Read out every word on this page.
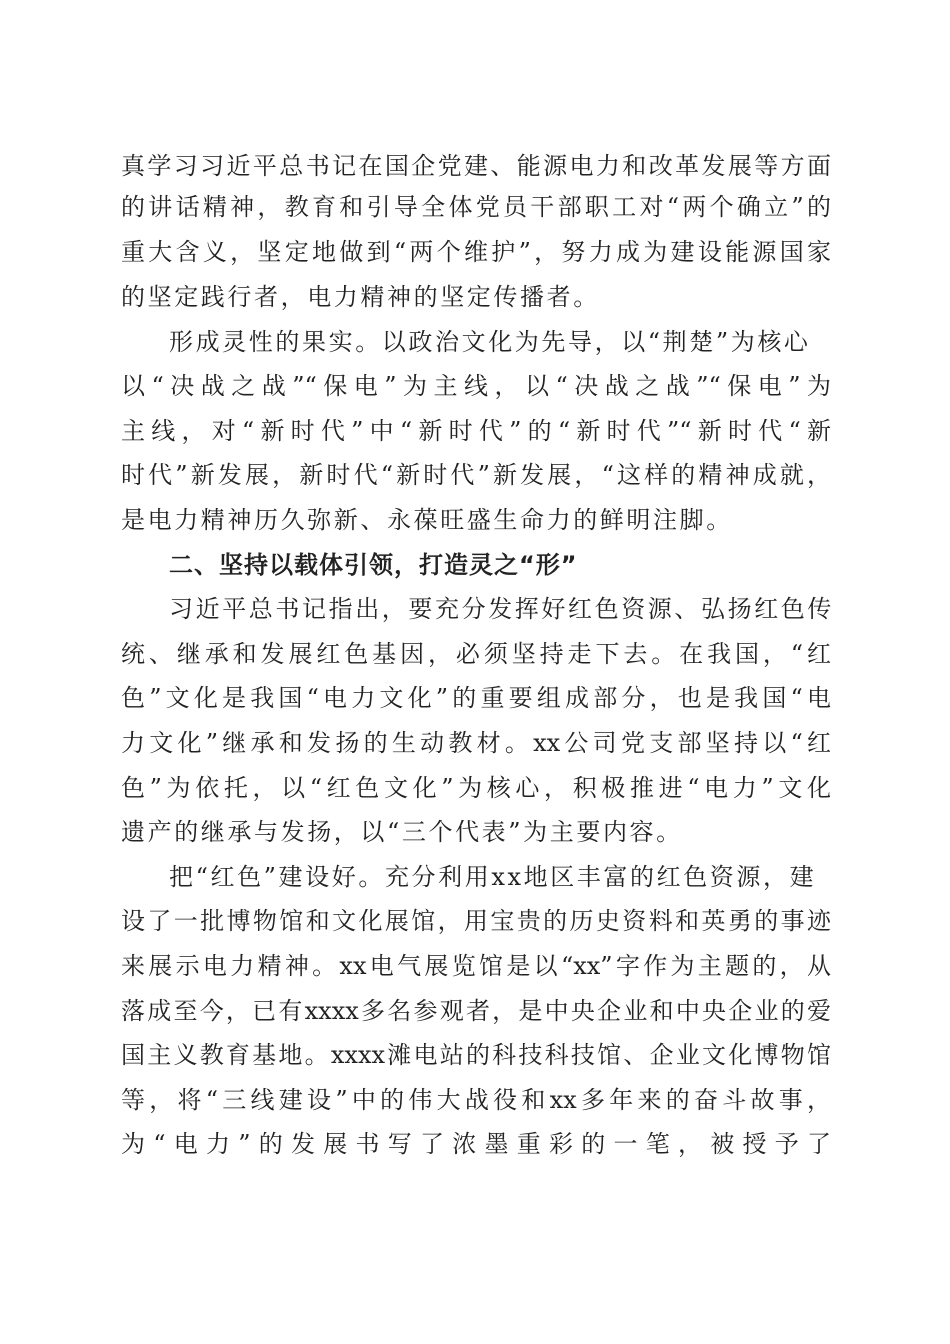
真学习习近平总书记在国企党建、能源电力和改革发展等方面
的讲话精神，教育和引导全体党员干部职工对“两个确立”的
重大含义，坚定地做到“两个维护”，努力成为建设能源国家
的坚定践行者，电力精神的坚定传播者。
形成灵性的果实。以政治文化为先导，以“荆楚”为核心
以“决战之战”“保电”为主线，以“决战之战”“保电”为
主线，对“新时代”中“新时代”的“新时代”“新时代“新
时代”新发展，新时代“新时代”新发展，“这样的精神成就，
是电力精神历久弥新、永葆旺盛生命力的鲜明注脚。
二、坚持以载体引领，打造灵之“形”
习近平总书记指出，要充分发挥好红色资源、弘扬红色传
统、继承和发展红色基因，必须坚持走下去。在我国，“红
色”文化是我国“电力文化”的重要组成部分，也是我国“电
力文化”继承和发扬的生动教材。xx公司党支部坚持以“红
色”为依托，以“红色文化”为核心，积极推进“电力”文化
遗产的继承与发扬，以“三个代表”为主要内容。
把“红色”建设好。充分利用xx地区丰富的红色资源，建
设了一批博物馆和文化展馆，用宝贵的历史资料和英勇的事迹
来展示电力精神。xx电气展览馆是以“xx”字作为主题的，从
落成至今，已有xxxx多名参观者，是中央企业和中央企业的爱
国主义教育基地。xxxx滩电站的科技科技馆、企业文化博物馆
等，将“三线建设”中的伟大战役和xx多年来的奋斗故事，
为“电力”的发展书写了浓墨重彩的一笔，被授予了
